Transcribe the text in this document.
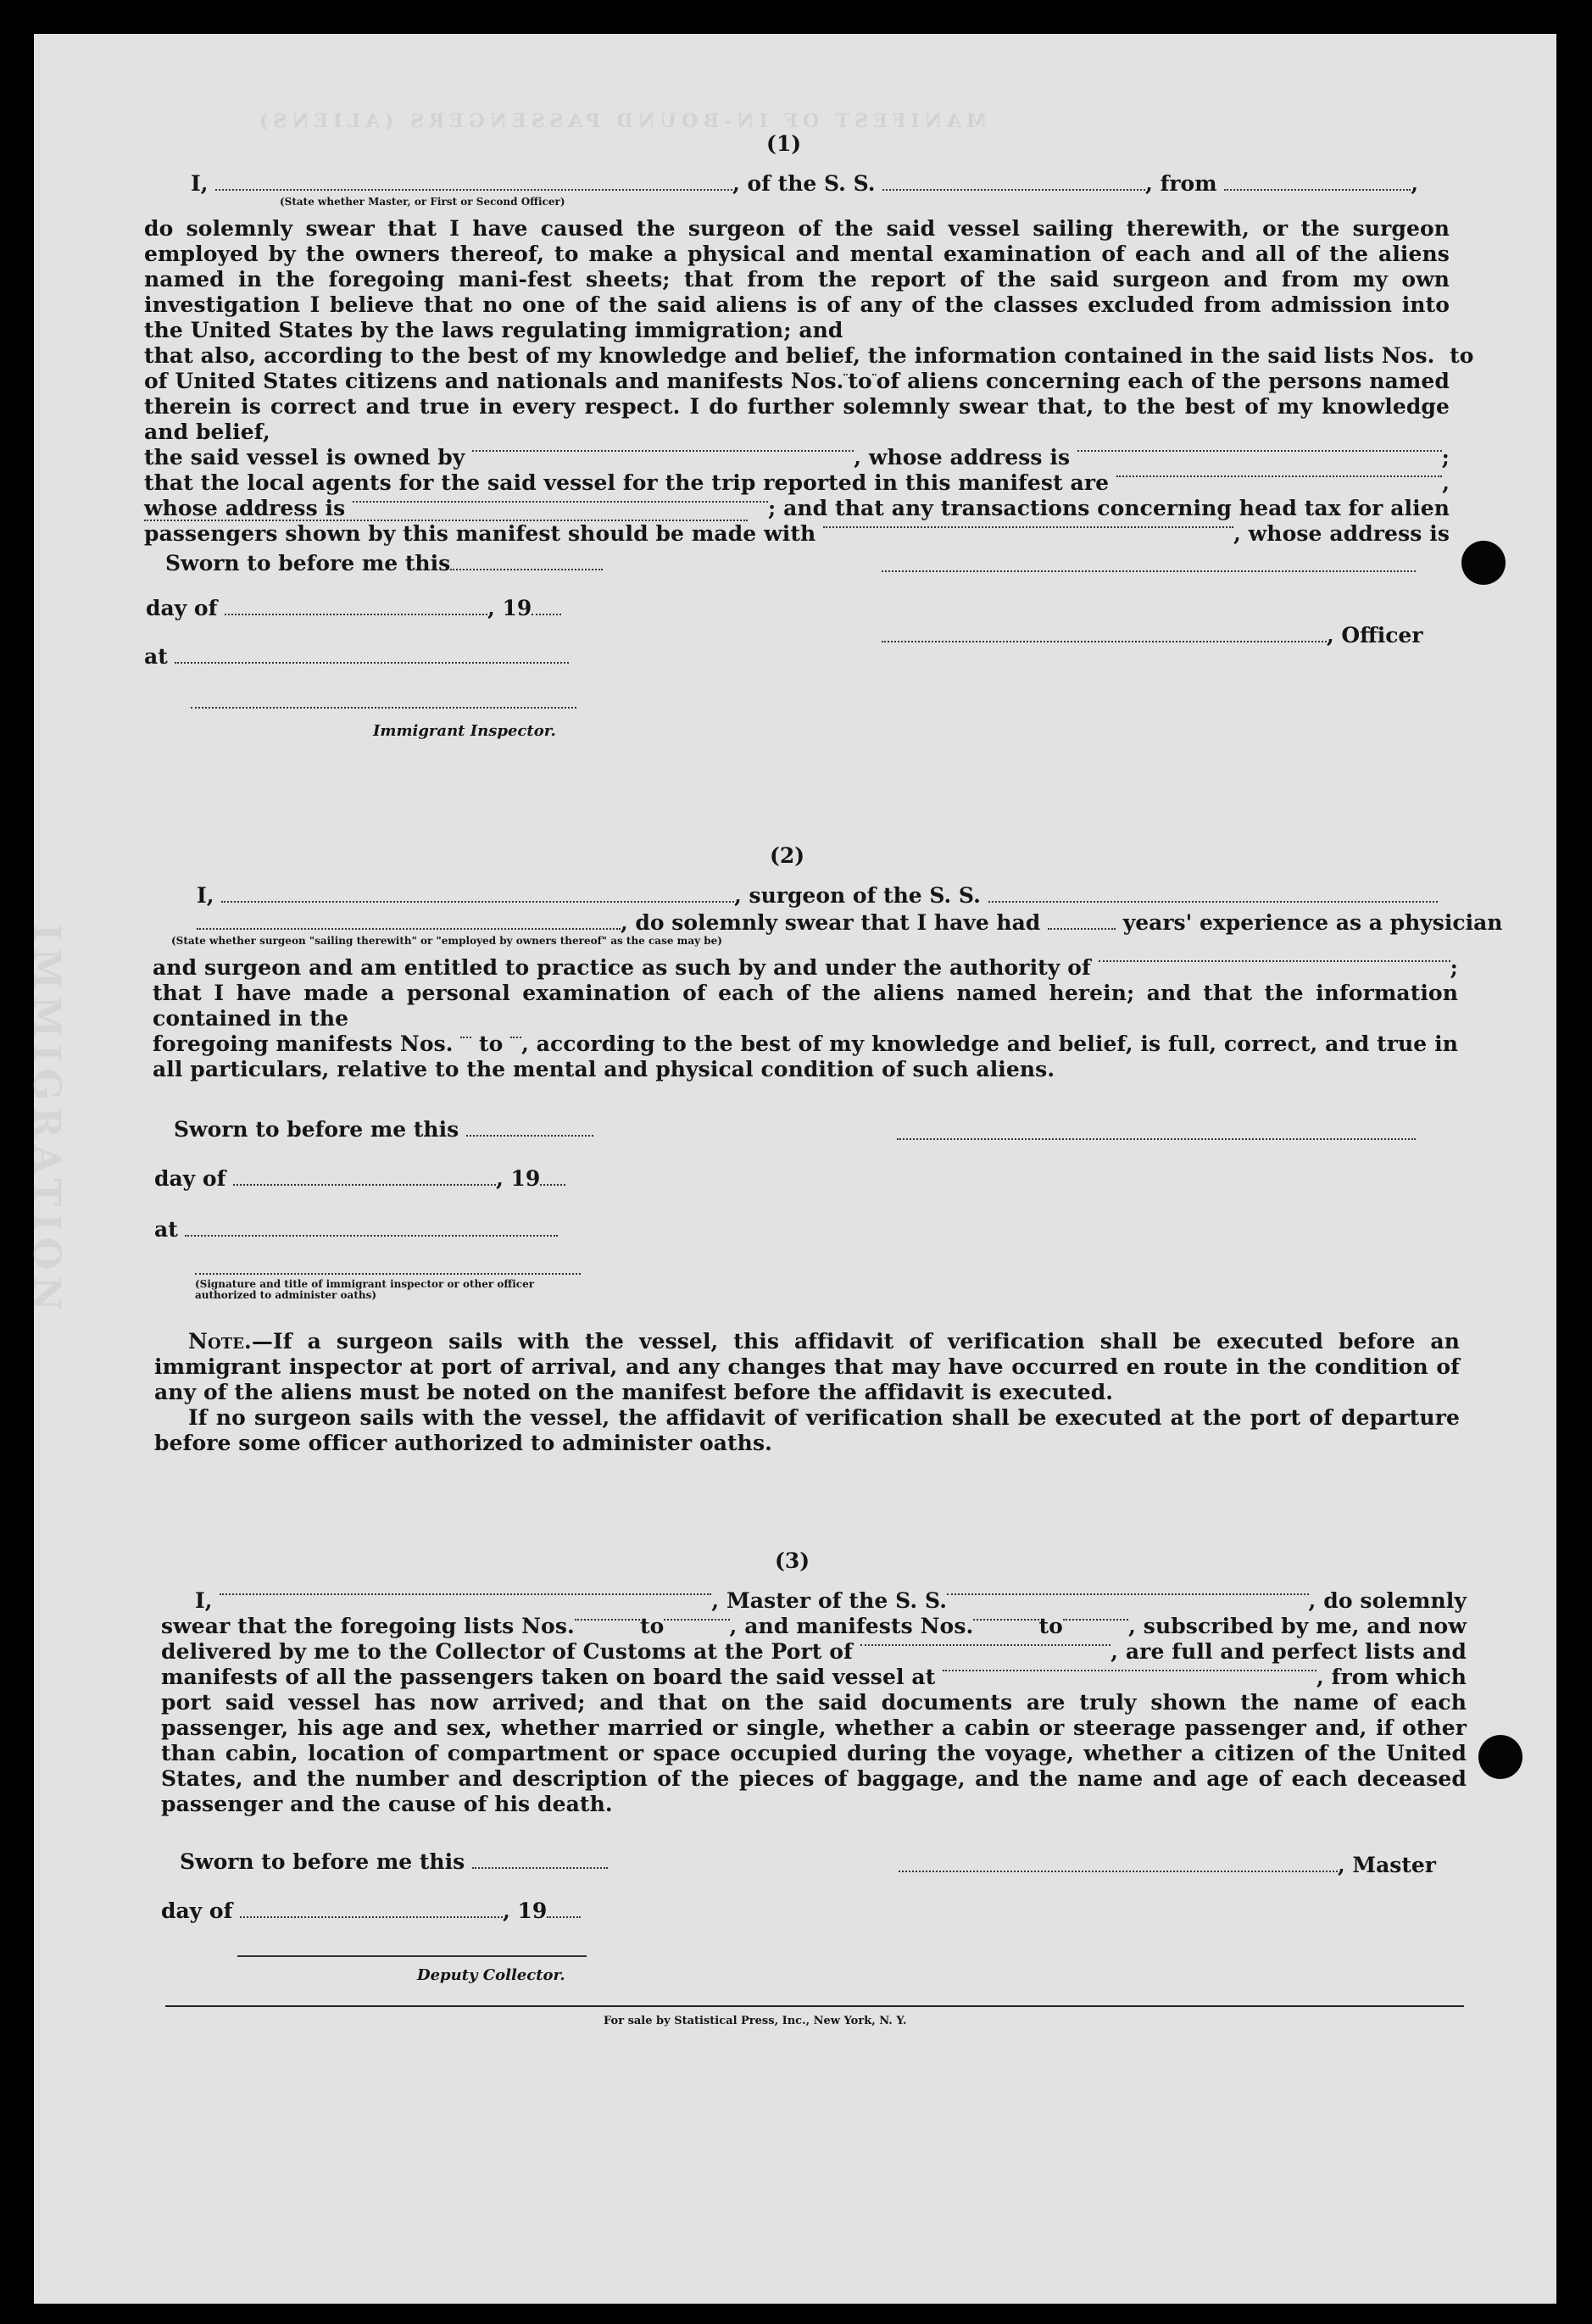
MANIFEST OF IN-BOUND PASSENGERS (ALIENS)
IMMIGRATION
(1)
I,	, of the S. S.	, from	,
(State whether Master, or First or Second Officer)

do solemnly swear that I have caused the surgeon of the said vessel sailing therewith, or the surgeon employed by the owners thereof, to make a physical and mental examination of each and all of the aliens named in the foregoing mani-fest sheets; that from the report of the said surgeon and from my own investigation I believe that no one of the said aliens is of any of the classes excluded from admission into the United States by the laws regulating immigration; and

that also, according to the best of my knowledge and belief, the information contained in the said lists Nos.

to
of United States citizens and nationals and manifests Nos. to of aliens concerning each of the persons named

therein is correct and true in every respect. I do further solemnly swear that, to the best of my knowledge and belief,

the said vessel is owned by
	, whose address is
	;
that the local agents for the said vessel for the trip reported in this manifest are
	,
whose address is
	; and that any transactions concerning head tax for alien
passengers shown by this manifest should be made with
	, whose address is
Sworn to before me this
day of	, 19
at
, Officer
Immigrant Inspector.
(2)
I,	, surgeon of the S. S.
, do solemnly swear that I have had	years' experience as a physician
(State whether surgeon "sailing therewith" or "employed by owners thereof" as the case may be)
and surgeon and am entitled to practice as such by and under the authority of
	;

that I have made a personal examination of each of the aliens named herein; and that the information contained in the

foregoing manifests Nos.

to
, according to the best of my knowledge and belief, is full, correct, and true in

all particulars, relative to the mental and physical condition of such aliens.

Sworn to before me this
day of	, 19
at
(Signature and title of immigrant inspector or other officer authorized to administer oaths)

Note.—If a surgeon sails with the vessel, this affidavit of verification shall be executed before an immigrant inspector at port of arrival, and any changes that may have occurred en route in the condition of any of the aliens must be noted on the manifest before the affidavit is executed.

If no surgeon sails with the vessel, the affidavit of verification shall be executed at the port of departure before some officer authorized to administer oaths.

(3)
I,
	, Master of the S. S.	, do solemnly
swear that the foregoing lists Nos.	to	, and manifests Nos.	to	, subscribed by me, and now
delivered by me to the Collector of Customs at the Port of
	, are full and perfect lists and
manifests of all the passengers taken on board the said vessel at
	, from which

port said vessel has now arrived; and that on the said documents are truly shown the name of each passenger, his age and sex, whether married or single, whether a cabin or steerage passenger and, if other than cabin, location of compartment or space occupied during the voyage, whether a citizen of the United States, and the number and description of the pieces of baggage, and the name and age of each deceased passenger and the cause of his death.

Sworn to before me this	, Master
day of	, 19
Deputy Collector.
For sale by Statistical Press, Inc., New York, N. Y.
